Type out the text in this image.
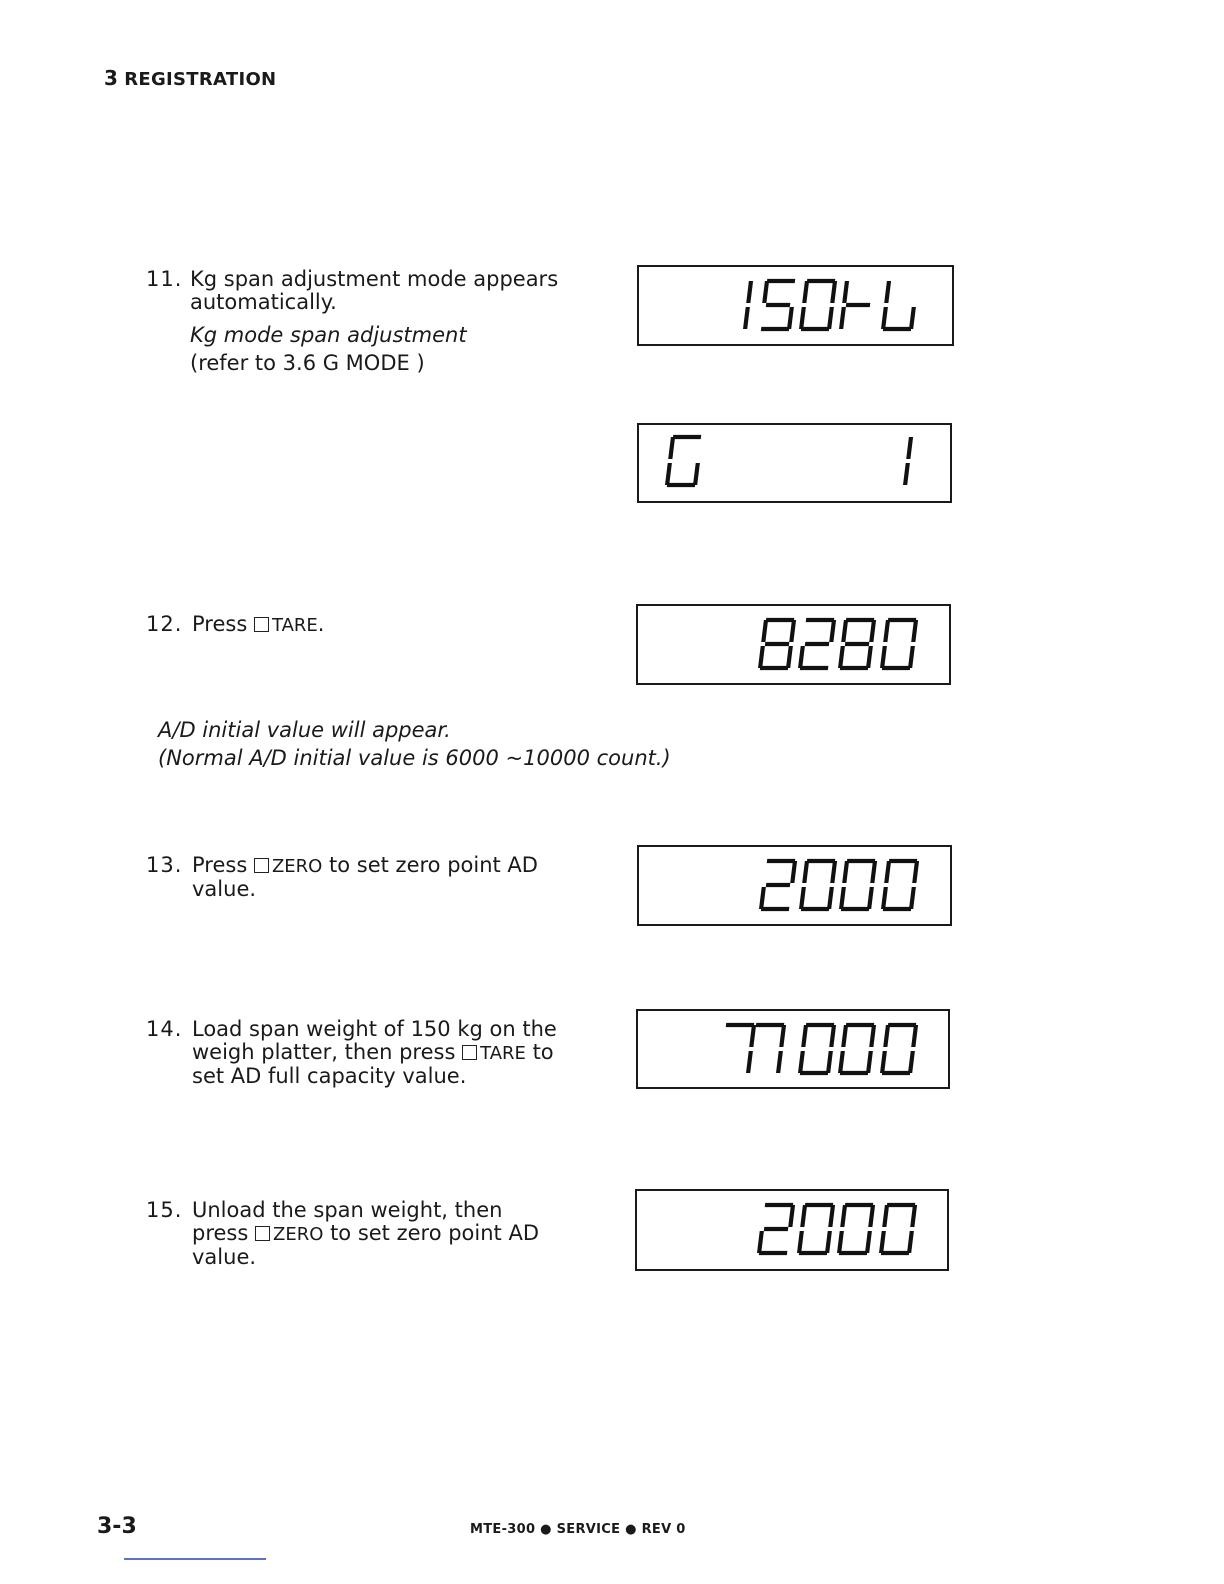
3 REGISTRATION
11. Kg span adjustment mode appears
automatically.
Kg mode span adjustment
(refer to 3.6 G MODE )
12. Press TARE.
A/D initial value will appear.
(Normal A/D initial value is 6000 ~10000 count.)
13. Press ZERO to set zero point AD
value.
14. Load span weight of 150 kg on the
weigh platter, then press TARE to
set AD full capacity value.
15. Unload the span weight, then
press ZERO to set zero point AD
value.
3-3	MTE-300 ● SERVICE ● REV 0
